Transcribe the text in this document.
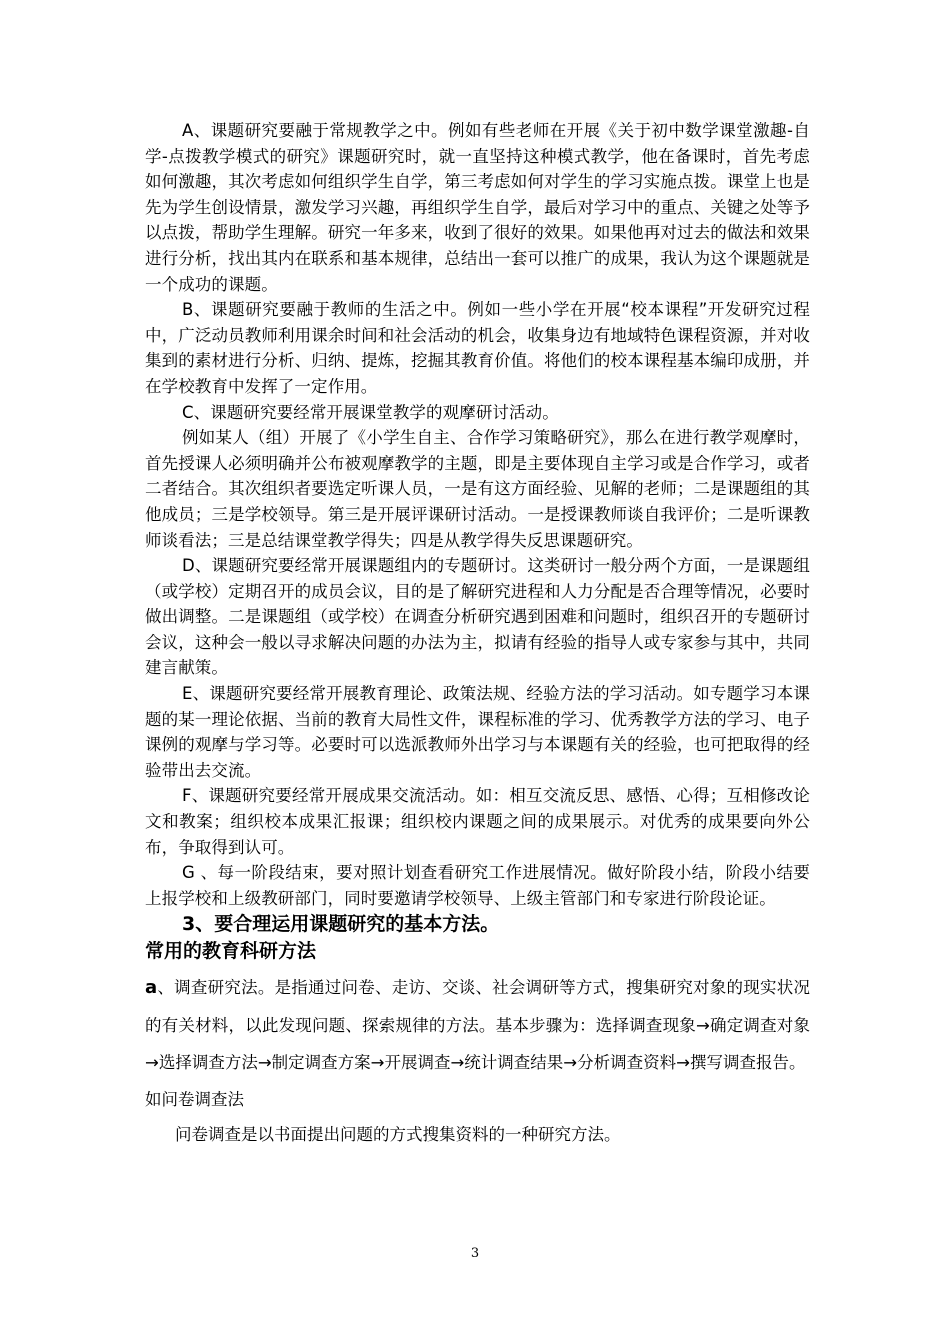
A、课题研究要融于常规教学之中。例如有些老师在开展《关于初中数学课堂激趣-自学-点拨教学模式的研究》课题研究时，就一直坚持这种模式教学，他在备课时，首先考虑如何激趣，其次考虑如何组织学生自学，第三考虑如何对学生的学习实施点拨。课堂上也是先为学生创设情景，激发学习兴趣，再组织学生自学，最后对学习中的重点、关键之处等予以点拨，帮助学生理解。研究一年多来，收到了很好的效果。如果他再对过去的做法和效果进行分析，找出其内在联系和基本规律，总结出一套可以推广的成果，我认为这个课题就是一个成功的课题。

B、课题研究要融于教师的生活之中。例如一些小学在开展“校本课程”开发研究过程中，广泛动员教师利用课余时间和社会活动的机会，收集身边有地域特色课程资源，并对收集到的素材进行分析、归纳、提炼，挖掘其教育价值。将他们的校本课程基本编印成册，并在学校教育中发挥了一定作用。

C、课题研究要经常开展课堂教学的观摩研讨活动。

例如某人（组）开展了《小学生自主、合作学习策略研究》，那么在进行教学观摩时，首先授课人必须明确并公布被观摩教学的主题，即是主要体现自主学习或是合作学习，或者二者结合。其次组织者要选定听课人员，一是有这方面经验、见解的老师；二是课题组的其他成员；三是学校领导。第三是开展评课研讨活动。一是授课教师谈自我评价；二是听课教师谈看法；三是总结课堂教学得失；四是从教学得失反思课题研究。

D、课题研究要经常开展课题组内的专题研讨。这类研讨一般分两个方面，一是课题组（或学校）定期召开的成员会议，目的是了解研究进程和人力分配是否合理等情况，必要时做出调整。二是课题组（或学校）在调查分析研究遇到困难和问题时，组织召开的专题研讨会议，这种会一般以寻求解决问题的办法为主，拟请有经验的指导人或专家参与其中，共同建言献策。

E、课题研究要经常开展教育理论、政策法规、经验方法的学习活动。如专题学习本课题的某一理论依据、当前的教育大局性文件，课程标准的学习、优秀教学方法的学习、电子课例的观摩与学习等。必要时可以选派教师外出学习与本课题有关的经验，也可把取得的经验带出去交流。

F、课题研究要经常开展成果交流活动。如：相互交流反思、感悟、心得；互相修改论文和教案；组织校本成果汇报课；组织校内课题之间的成果展示。对优秀的成果要向外公布，争取得到认可。

G 、每一阶段结束，要对照计划查看研究工作进展情况。做好阶段小结，阶段小结要上报学校和上级教研部门，同时要邀请学校领导、上级主管部门和专家进行阶段论证。

3、要合理运用课题研究的基本方法。

常用的教育科研方法

a、调查研究法。是指通过问卷、走访、交谈、社会调研等方式，搜集研究对象的现实状况的有关材料，以此发现问题、探索规律的方法。基本步骤为：选择调查现象→确定调查对象→选择调查方法→制定调查方案→开展调查→统计调查结果→分析调查资料→撰写调查报告。

如问卷调查法

问卷调查是以书面提出问题的方式搜集资料的一种研究方法。

3
